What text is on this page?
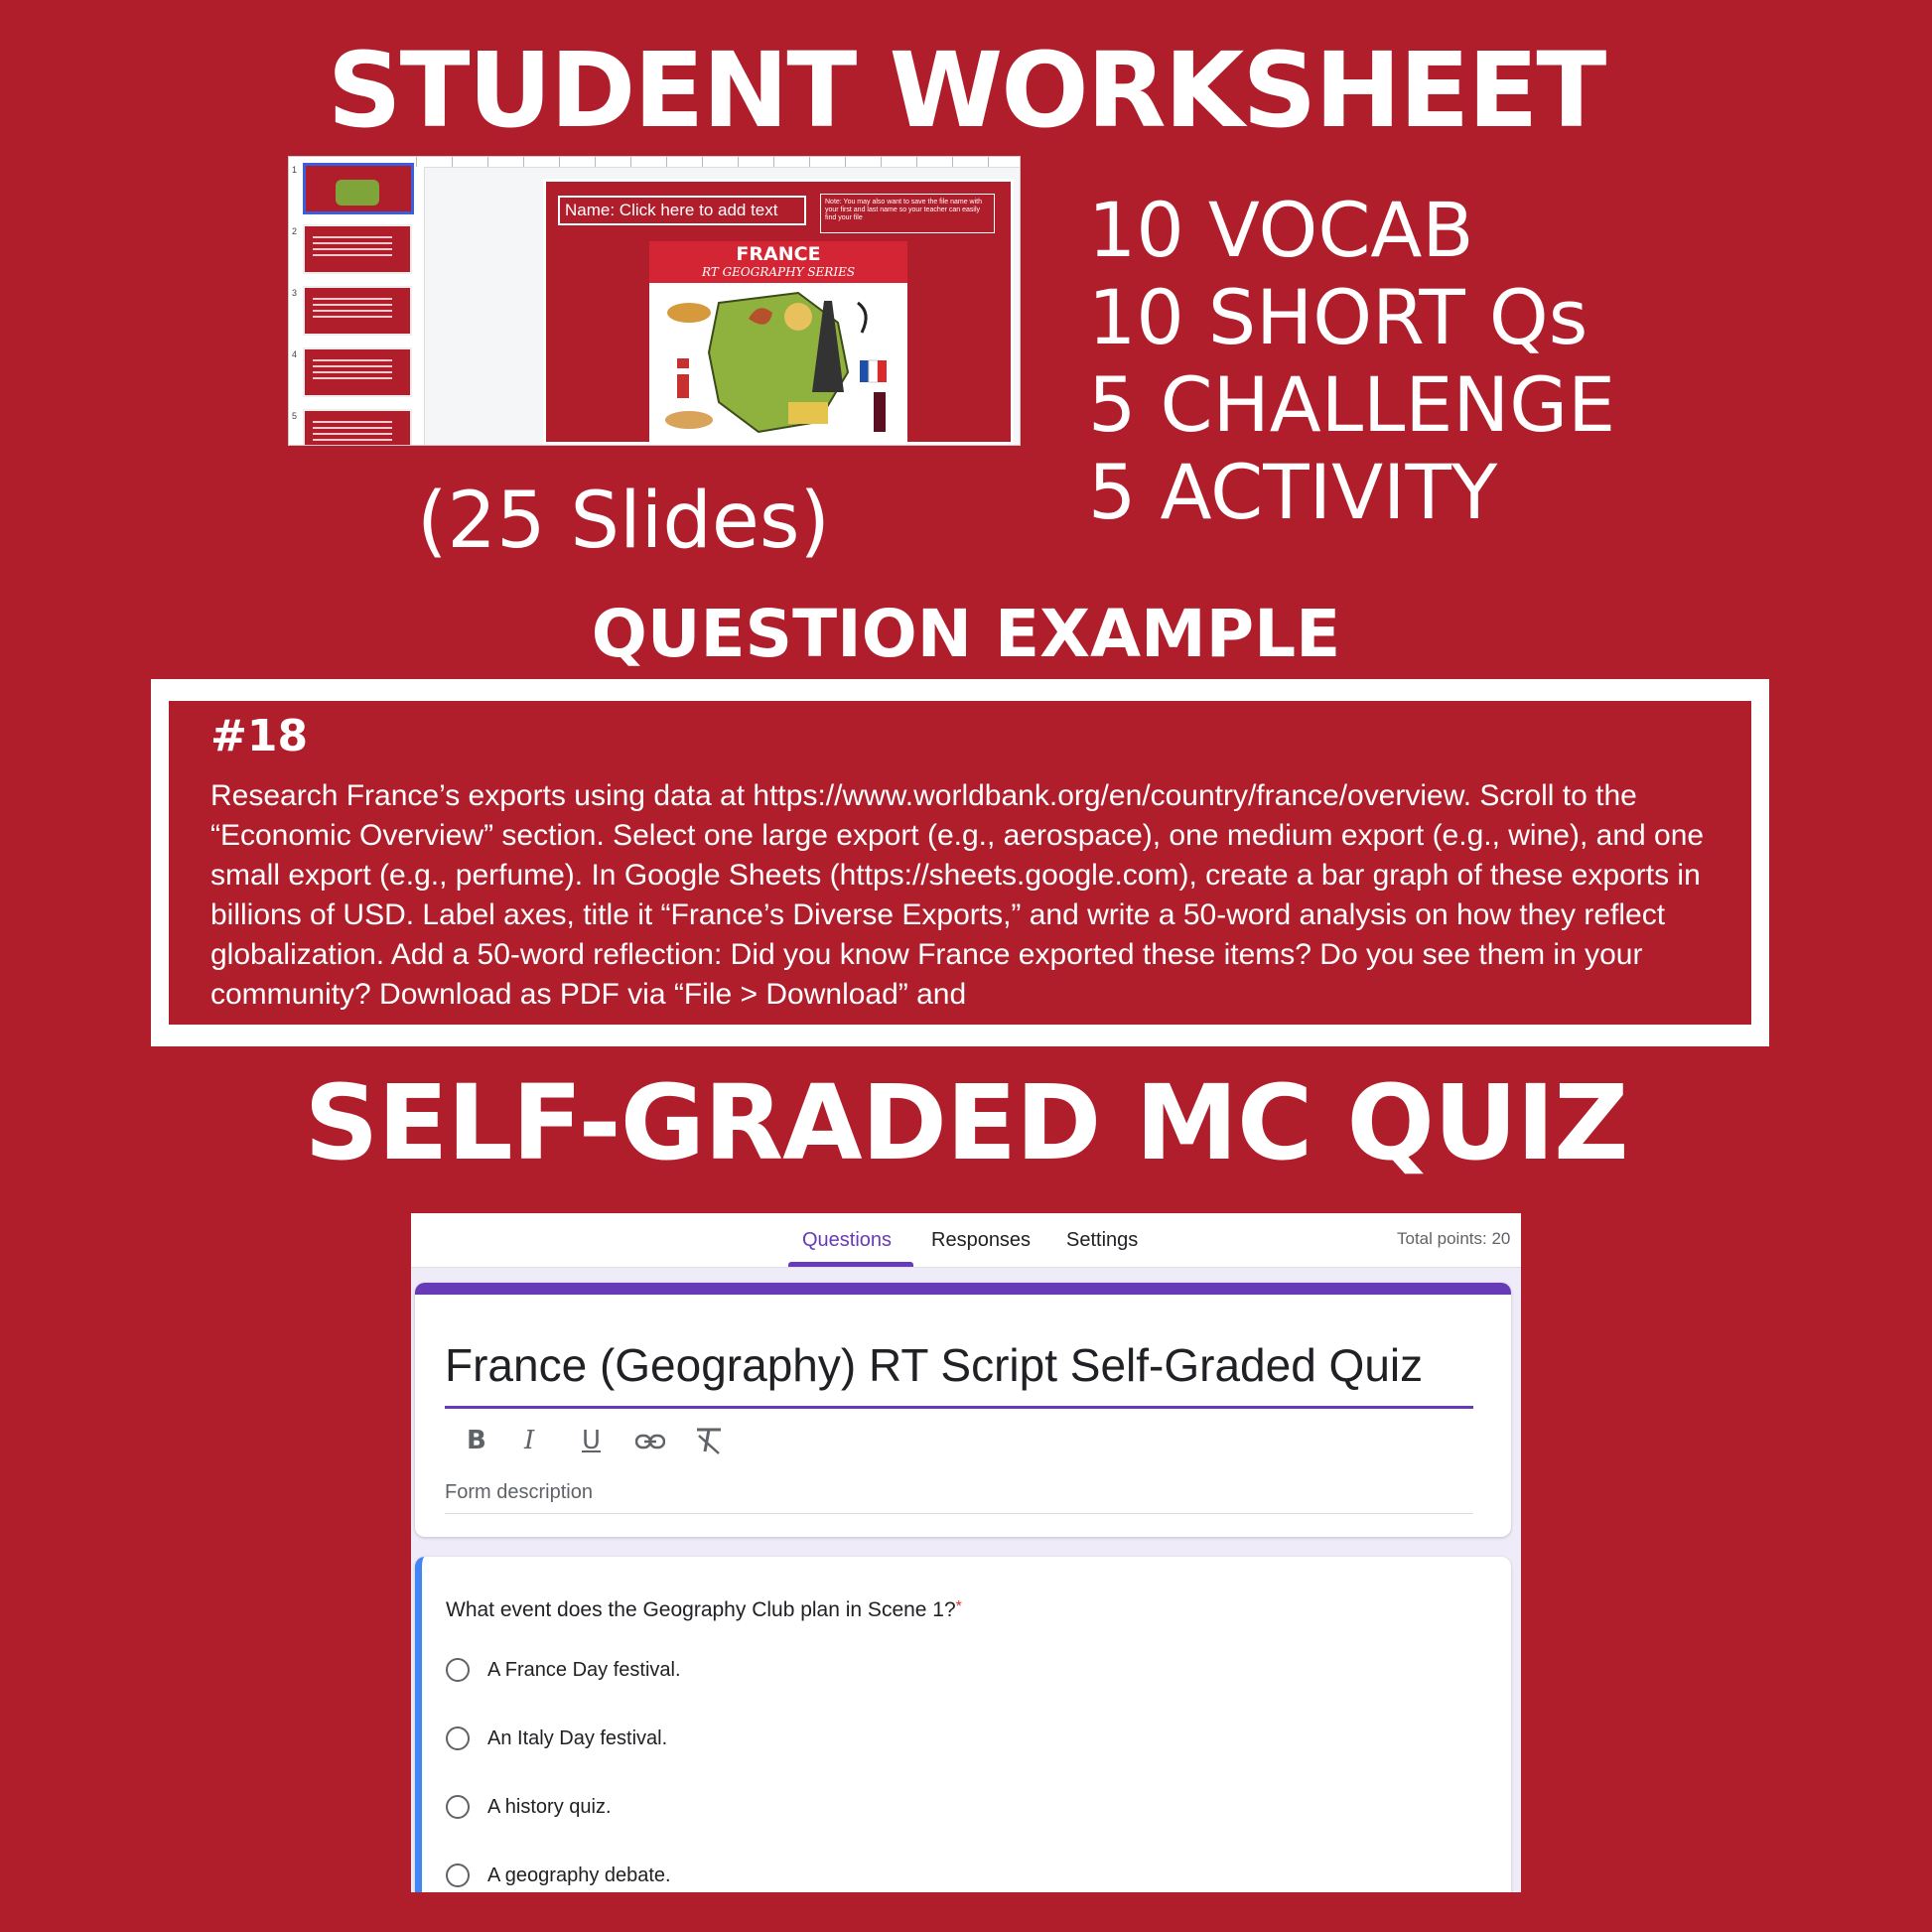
STUDENT WORKSHEET
1
2
3
4
5
Name: Click here to add text	Note: You may also want to save the file name with your first and last name so your teacher can easily find your file
FRANCE
RT GEOGRAPHY SERIES
(25 Slides)
10 VOCAB
10 SHORT Qs
5 CHALLENGE
5 ACTIVITY
QUESTION EXAMPLE
#18
Research France’s exports using data at https://www.worldbank.org/en/country/france/overview. Scroll to the “Economic Overview” section. Select one large export (e.g., aerospace), one medium export (e.g., wine), and one small export (e.g., perfume). In Google Sheets (https://sheets.google.com), create a bar graph of these exports in billions of USD. Label axes, title it “France’s Diverse Exports,” and write a 50-word analysis on how they reflect globalization. Add a 50-word reflection: Did you know France exported these items? Do you see them in your community? Download as PDF via “File > Download” and
SELF-GRADED MC QUIZ
Questions Responses Settings	Total points: 20
France (Geography) RT Script Self-Graded Quiz
B I U
Form description
What event does the Geography Club plan in Scene 1?*
A France Day festival.
An Italy Day festival.
A history quiz.
A geography debate.
